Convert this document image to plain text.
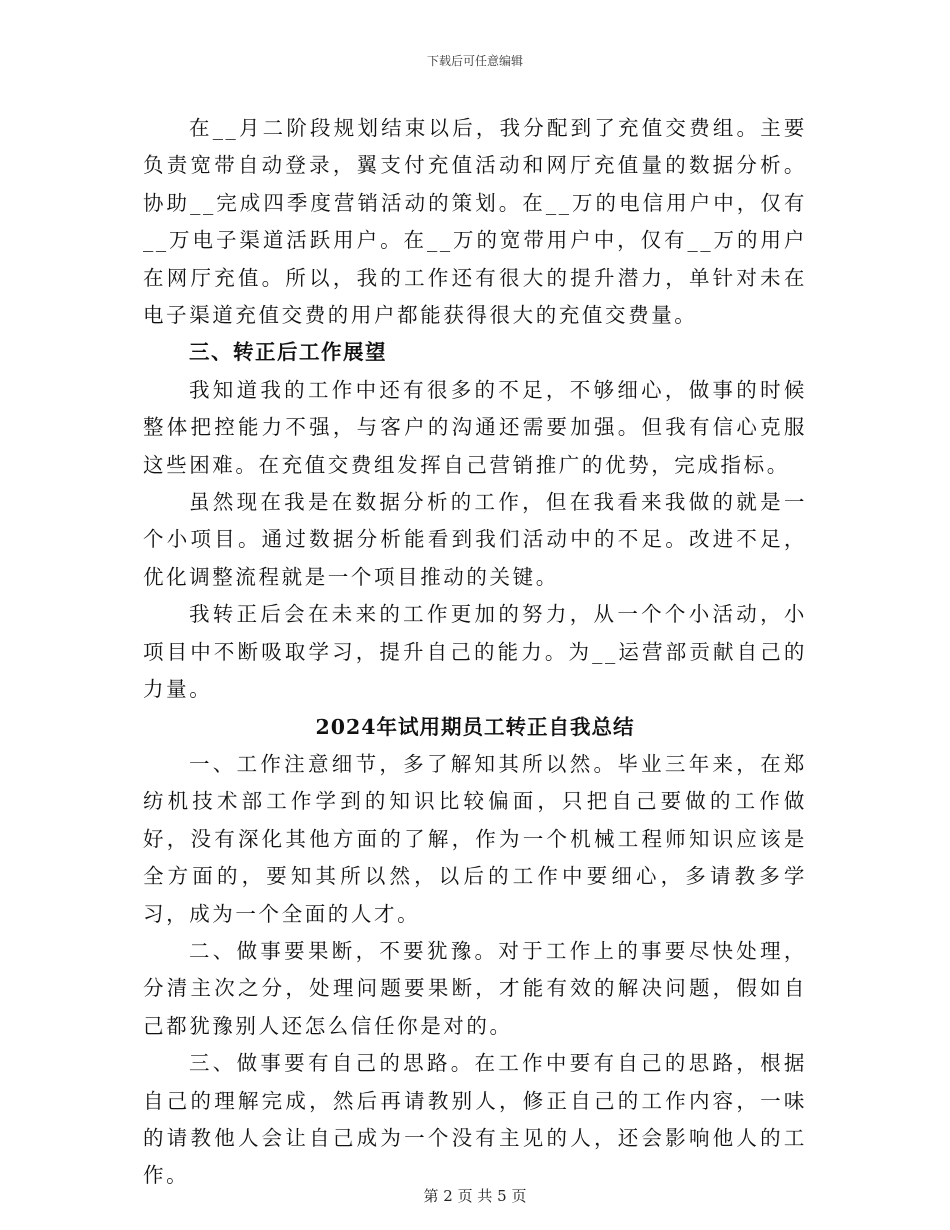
下载后可任意编辑

在__月二阶段规划结束以后，我分配到了充值交费组。主要负责宽带自动登录，翼支付充值活动和网厅充值量的数据分析。协助__完成四季度营销活动的策划。在__万的电信用户中，仅有__万电子渠道活跃用户。在__万的宽带用户中，仅有__万的用户在网厅充值。所以，我的工作还有很大的提升潜力，单针对未在电子渠道充值交费的用户都能获得很大的充值交费量。

三、转正后工作展望

我知道我的工作中还有很多的不足，不够细心，做事的时候整体把控能力不强，与客户的沟通还需要加强。但我有信心克服这些困难。在充值交费组发挥自己营销推广的优势，完成指标。

虽然现在我是在数据分析的工作，但在我看来我做的就是一个小项目。通过数据分析能看到我们活动中的不足。改进不足，优化调整流程就是一个项目推动的关键。

我转正后会在未来的工作更加的努力，从一个个小活动，小项目中不断吸取学习，提升自己的能力。为__运营部贡献自己的力量。

2024年试用期员工转正自我总结

一、工作注意细节，多了解知其所以然。毕业三年来，在郑纺机技术部工作学到的知识比较偏面，只把自己要做的工作做好，没有深化其他方面的了解，作为一个机械工程师知识应该是全方面的，要知其所以然，以后的工作中要细心，多请教多学习，成为一个全面的人才。

二、做事要果断，不要犹豫。对于工作上的事要尽快处理，分清主次之分，处理问题要果断，才能有效的解决问题，假如自己都犹豫别人还怎么信任你是对的。

三、做事要有自己的思路。在工作中要有自己的思路，根据自己的理解完成，然后再请教别人，修正自己的工作内容，一味的请教他人会让自己成为一个没有主见的人，还会影响他人的工作。

第 2 页 共 5 页
